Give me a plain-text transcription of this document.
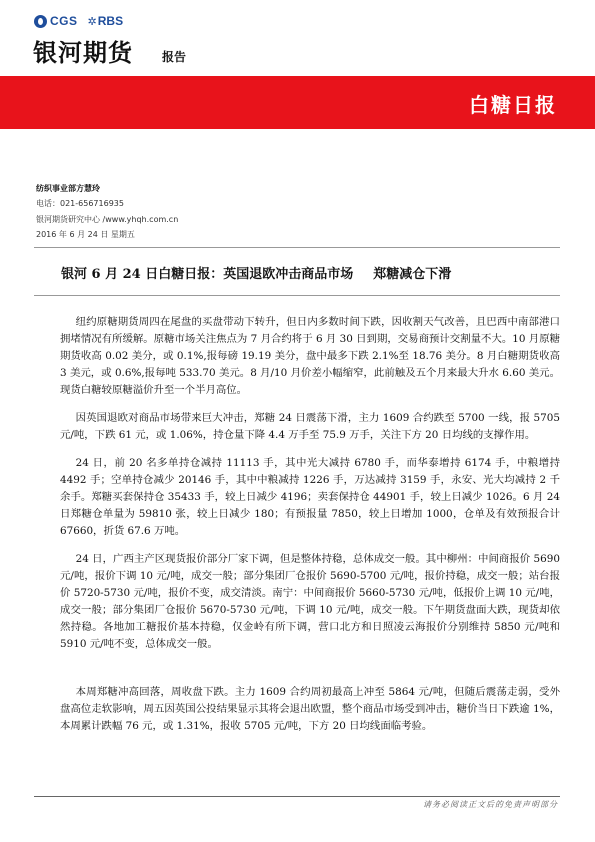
CGS ✲ RBS
银河期货 报告
白糖日报
纺织事业部方慧玲
电话：021-656716935
银河期货研究中心 /www.yhqh.com.cn
2016 年 6 月 24 日 星期五
银河 6 月 24 日白糖日报：英国退欧冲击商品市场 郑糖减仓下滑

纽约原糖期货周四在尾盘的买盘带动下转升，但日内多数时间下跌，因收割天气改善，且巴西中南部港口拥堵情况有所缓解。原糖市场关注焦点为 7 月合约将于 6 月 30 日到期，交易商预计交割量不大。10 月原糖期货收高 0.02 美分，或 0.1%,报每磅 19.19 美分，盘中最多下跌 2.1%至 18.76 美分。8 月白糖期货收高 3 美元，或 0.6%,报每吨 533.70 美元。8 月/10 月价差小幅缩窄，此前触及五个月来最大升水 6.60 美元。现货白糖较原糖溢价升至一个半月高位。

因英国退欧对商品市场带来巨大冲击，郑糖 24 日震荡下滑，主力 1609 合约跌至 5700 一线，报 5705 元/吨，下跌 61 元，或 1.06%，持仓量下降 4.4 万手至 75.9 万手，关注下方 20 日均线的支撑作用。

24 日，前 20 名多单持仓减持 11113 手，其中光大减持 6780 手，而华泰增持 6174 手，中粮增持 4492 手；空单持仓减少 20146 手，其中中粮减持 1226 手，万达减持 3159 手，永安、光大均减持 2 千余手。郑糖买套保持仓 35433 手，较上日减少 4196；卖套保持仓 44901 手，较上日减少 1026。6 月 24 日郑糖仓单量为 59810 张，较上日减少 180；有预报量 7850，较上日增加 1000，仓单及有效预报合计 67660，折货 67.6 万吨。

24 日，广西主产区现货报价部分厂家下调，但是整体持稳，总体成交一般。其中柳州：中间商报价 5690 元/吨，报价下调 10 元/吨，成交一般；部分集团厂仓报价 5690-5700 元/吨，报价持稳，成交一般；站台报价 5720-5730 元/吨，报价不变，成交清淡。南宁：中间商报价 5660-5730 元/吨，低报价上调 10 元/吨，成交一般；部分集团厂仓报价 5670-5730 元/吨，下调 10 元/吨，成交一般。下午期货盘面大跌，现货却依然持稳。各地加工糖报价基本持稳，仅金岭有所下调，营口北方和日照凌云海报价分别维持 5850 元/吨和 5910 元/吨不变，总体成交一般。

本周郑糖冲高回落，周收盘下跌。主力 1609 合约周初最高上冲至 5864 元/吨，但随后震荡走弱，受外盘高位走软影响，周五因英国公投结果显示其将会退出欧盟，整个商品市场受到冲击，糖价当日下跌逾 1%，本周累计跌幅 76 元，或 1.31%，报收 5705 元/吨，下方 20 日均线面临考验。

请务必阅读正文后的免责声明部分
